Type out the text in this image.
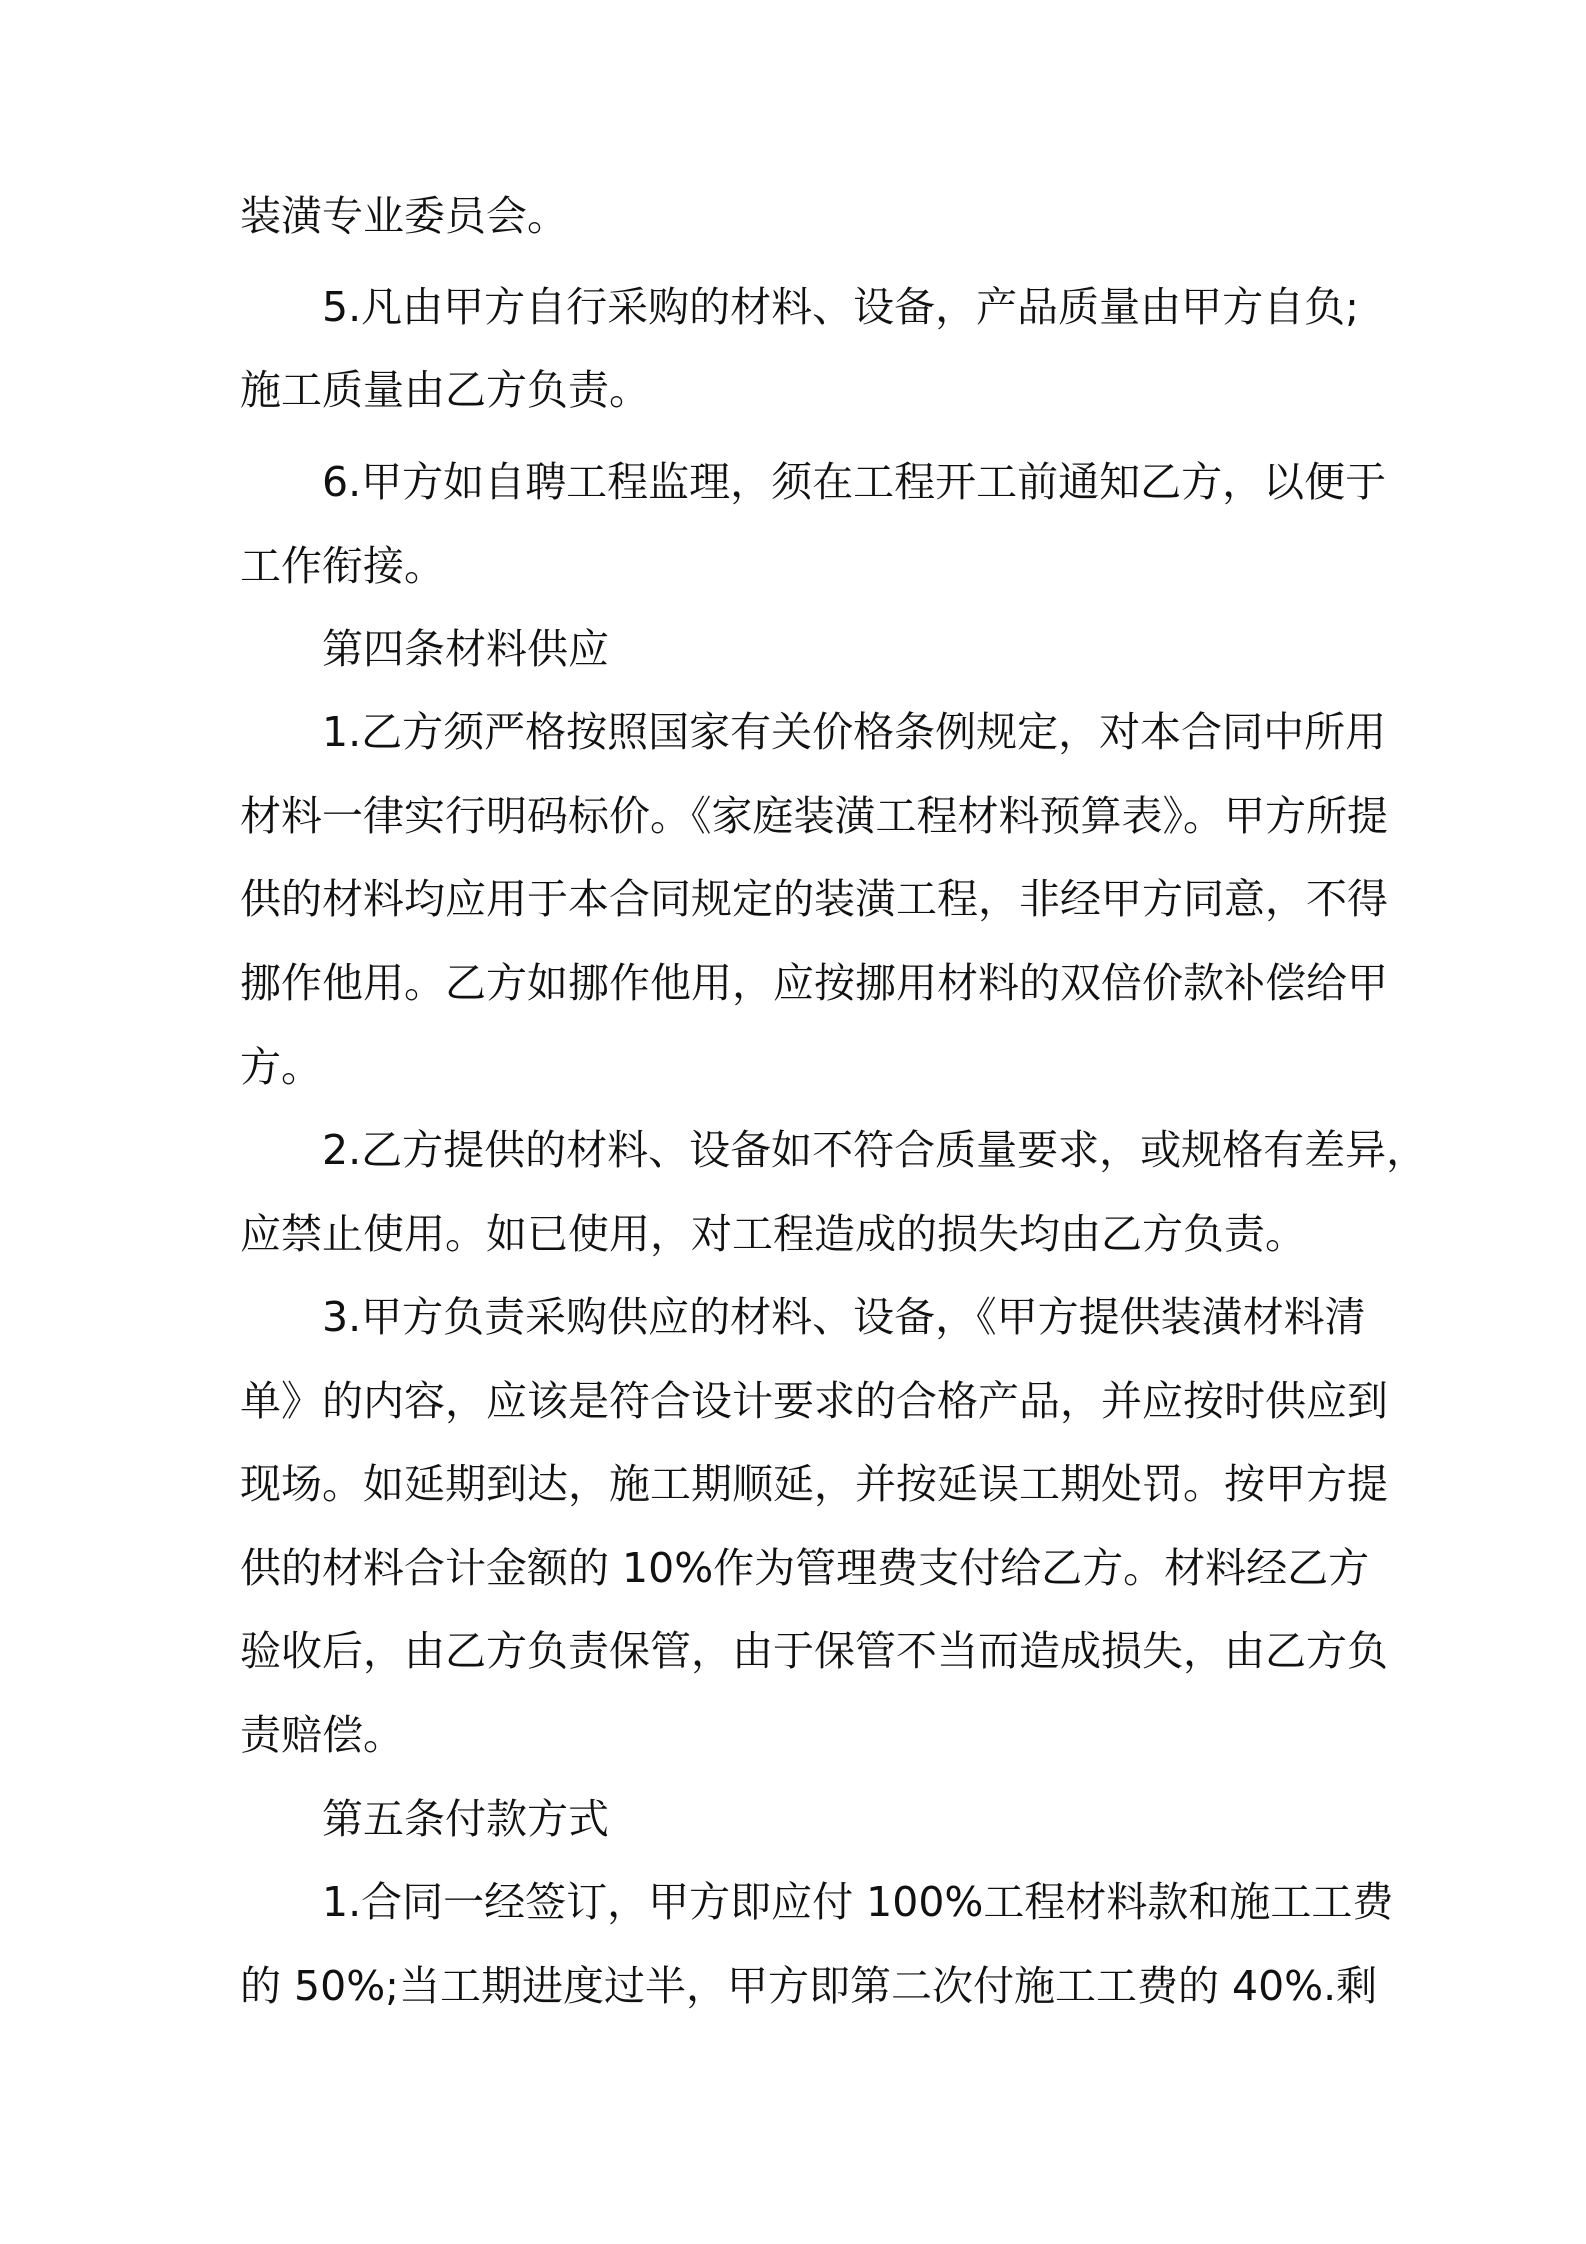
装潢专业委员会。
5.凡由甲方自行采购的材料、设备，产品质量由甲方自负;
施工质量由乙方负责。
6.甲方如自聘工程监理，须在工程开工前通知乙方，以便于
工作衔接。
第四条材料供应
1.乙方须严格按照国家有关价格条例规定，对本合同中所用
材料一律实行明码标价。《家庭装潢工程材料预算表》。甲方所提
供的材料均应用于本合同规定的装潢工程，非经甲方同意，不得
挪作他用。乙方如挪作他用，应按挪用材料的双倍价款补偿给甲
方。
2.乙方提供的材料、设备如不符合质量要求，或规格有差异，
应禁止使用。如已使用，对工程造成的损失均由乙方负责。
3.甲方负责采购供应的材料、设备，《甲方提供装潢材料清
单》的内容，应该是符合设计要求的合格产品，并应按时供应到
现场。如延期到达，施工期顺延，并按延误工期处罚。按甲方提
供的材料合计金额的 10%作为管理费支付给乙方。材料经乙方
验收后，由乙方负责保管，由于保管不当而造成损失，由乙方负
责赔偿。
第五条付款方式
1.合同一经签订，甲方即应付 100%工程材料款和施工工费
的 50%;当工期进度过半，甲方即第二次付施工工费的 40%.剩
